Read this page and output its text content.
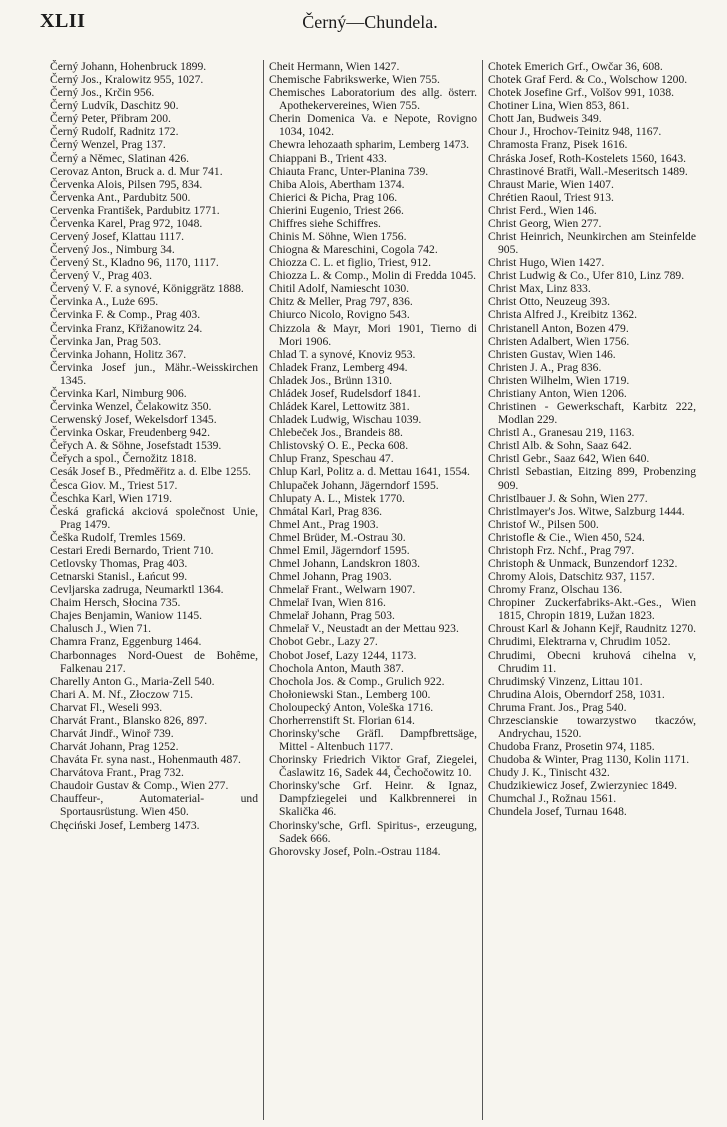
XLII	Černý—Chundela.
Černý Johann, Hohenbruck 1899.
Černý Jos., Kralowitz 955, 1027.
Černý Jos., Krčin 956.
Černý Ludvík, Daschitz 90.
Černý Peter, Přibram 200.
Černý Rudolf, Radnitz 172.
Černý Wenzel, Prag 137.
Černý a Němec, Slatinan 426.
Cerovaz Anton, Bruck a. d. Mur 741.
Červenka Alois, Pilsen 795, 834.
Červenka Ant., Pardubitz 500.
Cervenka František, Pardubitz 1771.
Červenka Karel, Prag 972, 1048.
Cervený Josef, Klattau 1117.
Červený Jos., Nimburg 34.
Červený St., Kladno 96, 1170, 1117.
Červený V., Prag 403.
Červený V. F. a synové, Königgrätz 1888.
Červinka A., Luże 695.
Červinka F. & Comp., Prag 403.
Červinka Franz, Křižanowitz 24.
Červinka Jan, Prag 503.
Červinka Johann, Holitz 367.
Červinka Josef jun., Mähr.-Weisskirchen 1345.
Červinka Karl, Nimburg 906.
Červinka Wenzel, Čelakowitz 350.
Cerwenský Josef, Wekelsdorf 1345.
Červinka Oskar, Freudenberg 942.
Čeřych A. & Söhne, Josefstadt 1539.
Čeřych a spol., Černožitz 1818.
Cesák Josef B., Předměřitz a. d. Elbe 1255.
Česca Giov. M., Triest 517.
Česchka Karl, Wien 1719.
Česká grafická akciová společnost Unie, Prag 1479.
Češka Rudolf, Tremles 1569.
Cestari Eredi Bernardo, Trient 710.
Cetlovsky Thomas, Prag 403.
Cetnarski Stanisl., Łańcut 99.
Cevljarska zadruga, Neumarktl 1364.
Chaim Hersch, Słocina 735.
Chajes Benjamin, Waniow 1145.
Chalusch J., Wien 71.
Chamra Franz, Eggenburg 1464.
Charbonnages Nord-Ouest de Bohême, Falkenau 217.
Charelly Anton G., Maria-Zell 540.
Chari A. M. Nf., Złoczow 715.
Charvat Fl., Weseli 993.
Charvát Frant., Blansko 826, 897.
Charvát Jindř., Winoř 739.
Charvát Johann, Prag 1252.
Chaváta Fr. syna nast., Hohenmauth 487.
Charvátova Frant., Prag 732.
Chaudoir Gustav & Comp., Wien 277.
Chauffeur-, Automaterial- und Sportausrüstung. Wien 450.
Chęciński Josef, Lemberg 1473.
Cheit Hermann, Wien 1427.
Chemische Fabrikswerke, Wien 755.
Chemisches Laboratorium des allg. österr. Apothekervereines, Wien 755.
Cherin Domenica Va. e Nepote, Rovigno 1034, 1042.
Chewra lehozaath spharim, Lemberg 1473.
Chiappani B., Trient 433.
Chiauta Franc, Unter-Planina 739.
Chiba Alois, Abertham 1374.
Chierici & Picha, Prag 106.
Chierini Eugenio, Triest 266.
Chiffres siehe Schiffres.
Chinis M. Söhne, Wien 1756.
Chiogna & Mareschini, Cogola 742.
Chiozza C. L. et figlio, Triest, 912.
Chiozza L. & Comp., Molin di Fredda 1045.
Chitil Adolf, Namiescht 1030.
Chitz & Meller, Prag 797, 836.
Chiurco Nicolo, Rovigno 543.
Chizzola & Mayr, Mori 1901, Tierno di Mori 1906.
Chlad T. a synové, Knoviz 953.
Chladek Franz, Lemberg 494.
Chladek Jos., Brünn 1310.
Chládek Josef, Rudelsdorf 1841.
Chládek Karel, Lettowitz 381.
Chladek Ludwig, Wischau 1039.
Chlebeček Jos., Brandeis 88.
Chlistovský O. E., Pecka 608.
Chlup Franz, Speschau 47.
Chlup Karl, Politz a. d. Mettau 1641, 1554.
Chlupaček Johann, Jägerndorf 1595.
Chlupaty A. L., Mistek 1770.
Chmátal Karl, Prag 836.
Chmel Ant., Prag 1903.
Chmel Brüder, M.-Ostrau 30.
Chmel Emil, Jägerndorf 1595.
Chmel Johann, Landskron 1803.
Chmel Johann, Prag 1903.
Chmelař Frant., Welwarn 1907.
Chmelař Ivan, Wien 816.
Chmelař Johann, Prag 503.
Chmelař V., Neustadt an der Mettau 923.
Chobot Gebr., Lazy 27.
Chobot Josef, Lazy 1244, 1173.
Chochola Anton, Mauth 387.
Chochola Jos. & Comp., Grulich 922.
Chołoniewski Stan., Lemberg 100.
Choloupecký Anton, Voleška 1716.
Chorherrenstift St. Florian 614.
Chorinsky'sche Gräfl. Dampfbrettsäge, Mittel - Altenbuch 1177.
Chorinsky Friedrich Viktor Graf, Ziegelei, Časlawitz 16, Sadek 44, Čechočowitz 10.
Chorinsky'sche Grf. Heinr. & Ignaz, Dampfziegelei und Kalkbrennerei in Skalička 46.
Chorinsky'sche, Grfl. Spiritus-, erzeugung, Sadek 666.
Ghorovsky Josef, Poln.-Ostrau 1184.
Chotek Emerich Grf., Owčar 36, 608.
Chotek Graf Ferd. & Co., Wolschow 1200.
Chotek Josefine Grf., Volšov 991, 1038.
Chotiner Lina, Wien 853, 861.
Chott Jan, Budweis 349.
Chour J., Hrochov-Teinitz 948, 1167.
Chramosta Franz, Pisek 1616.
Chráska Josef, Roth-Kostelets 1560, 1643.
Chrastinové Bratři, Wall.-Meseritsch 1489.
Chraust Marie, Wien 1407.
Chrétien Raoul, Triest 913.
Christ Ferd., Wien 146.
Christ Georg, Wien 277.
Christ Heinrich, Neunkirchen am Steinfelde 905.
Christ Hugo, Wien 1427.
Christ Ludwig & Co., Ufer 810, Linz 789.
Christ Max, Linz 833.
Christ Otto, Neuzeug 393.
Christa Alfred J., Kreibitz 1362.
Christanell Anton, Bozen 479.
Christen Adalbert, Wien 1756.
Christen Gustav, Wien 146.
Christen J. A., Prag 836.
Christen Wilhelm, Wien 1719.
Christiany Anton, Wien 1206.
Christinen - Gewerkschaft, Karbitz 222, Modlan 229.
Christl A., Granesau 219, 1163.
Christl Alb. & Sohn, Saaz 642.
Christl Gebr., Saaz 642, Wien 640.
Christl Sebastian, Eitzing 899, Probenzing 909.
Christlbauer J. & Sohn, Wien 277.
Christlmayer's Jos. Witwe, Salzburg 1444.
Christof W., Pilsen 500.
Christofle & Cie., Wien 450, 524.
Christoph Frz. Nchf., Prag 797.
Christoph & Unmack, Bunzendorf 1232.
Chromy Alois, Datschitz 937, 1157.
Chromy Franz, Olschau 136.
Chropiner Zuckerfabriks-Akt.-Ges., Wien 1815, Chropin 1819, Lužan 1823.
Chroust Karl & Johann Kejř, Raudnitz 1270.
Chrudimi, Elektrarna v, Chrudim 1052.
Chrudimi, Obecni kruhová cihelna v, Chrudim 11.
Chrudimský Vinzenz, Littau 101.
Chrudina Alois, Oberndorf 258, 1031.
Chruma Frant. Jos., Prag 540.
Chrzescianskie towarzystwo tkaczów, Andrychau, 1520.
Chudoba Franz, Prosetin 974, 1185.
Chudoba & Winter, Prag 1130, Kolin 1171.
Chudy J. K., Tinischt 432.
Chudzikiewicz Josef, Zwierzyniec 1849.
Chumchal J., Rožnau 1561.
Chundela Josef, Turnau 1648.
